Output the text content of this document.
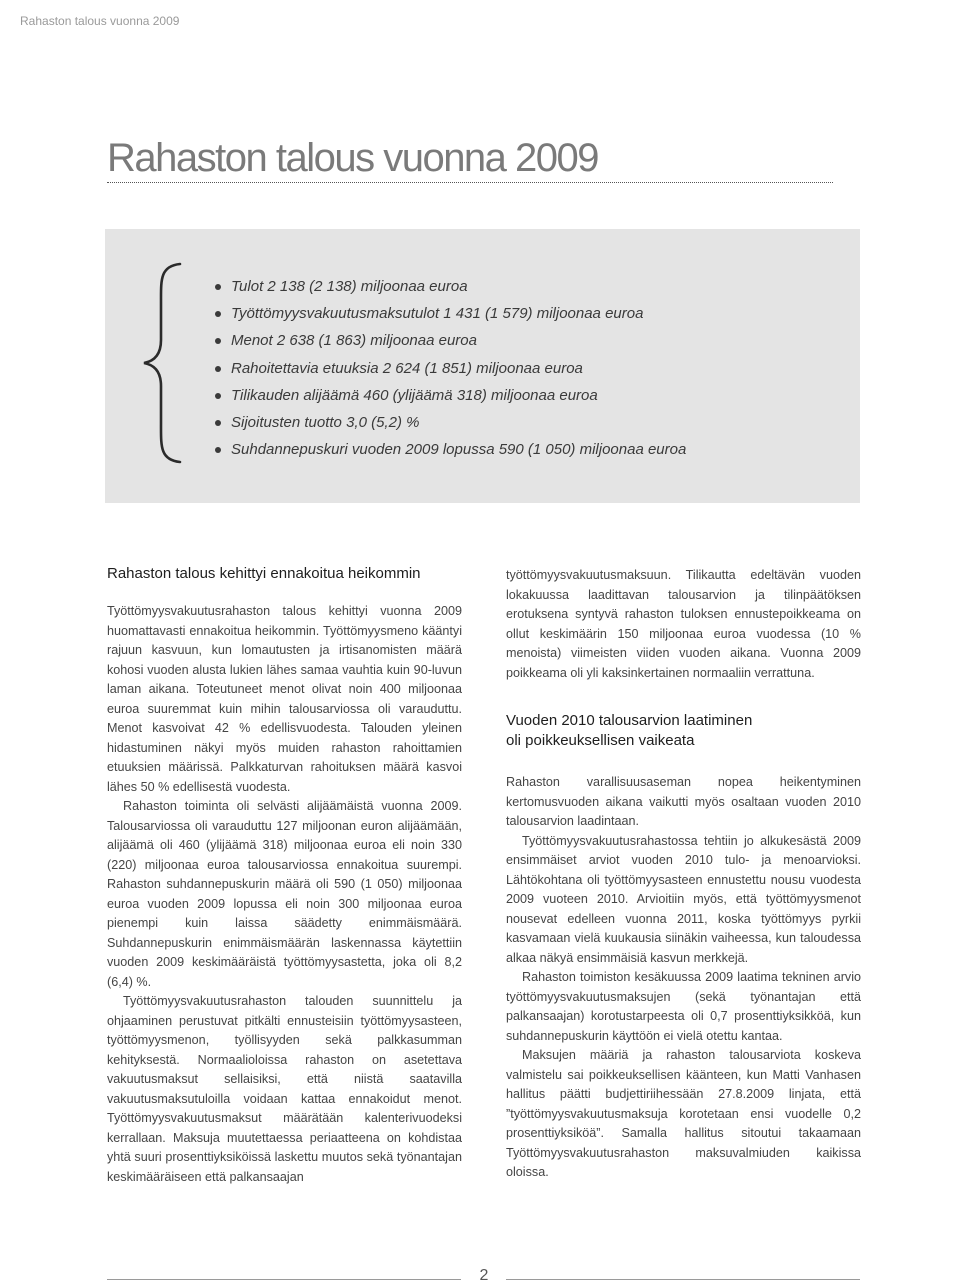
Rahaston talous vuonna 2009
Rahaston talous vuonna 2009
Tulot 2 138 (2 138) miljoonaa euroa
Työttömyysvakuutusmaksutulot 1 431 (1 579) miljoonaa euroa
Menot 2 638 (1 863) miljoonaa euroa
Rahoitettavia etuuksia 2 624 (1 851) miljoonaa euroa
Tilikauden alijäämä 460 (ylijäämä 318) miljoonaa euroa
Sijoitusten tuotto 3,0 (5,2) %
Suhdannepuskuri vuoden 2009 lopussa 590 (1 050) miljoonaa euroa
Rahaston talous kehittyi ennakoitua heikommin

Työttömyysvakuutusrahaston talous kehittyi vuonna 2009 huomattavasti ennakoitua heikommin. Työttömyysmeno kääntyi rajuun kasvuun, kun lomautusten ja irtisanomisten määrä kohosi vuoden alusta lukien lähes samaa vauhtia kuin 90-luvun laman aikana. Toteutuneet menot olivat noin 400 miljoonaa euroa suuremmat kuin mihin talousarviossa oli varauduttu. Menot kasvoivat 42 % edellisvuodesta. Talouden yleinen hidastuminen näkyi myös muiden rahaston rahoittamien etuuksien määrissä. Palkkaturvan rahoituksen määrä kasvoi lähes 50 % edellisestä vuodesta.

Rahaston toiminta oli selvästi alijäämäistä vuonna 2009. Talousarviossa oli varauduttu 127 miljoonan euron alijäämään, alijäämä oli 460 (ylijäämä 318) miljoonaa euroa eli noin 330 (220) miljoonaa euroa talousarviossa ennakoitua suurempi. Rahaston suhdannepuskurin määrä oli 590 (1 050) miljoonaa euroa vuoden 2009 lopussa eli noin 300 miljoonaa euroa pienempi kuin laissa säädetty enimmäismäärä. Suhdannepuskurin enimmäismäärän laskennassa käytettiin vuoden 2009 keskimääräistä työttömyysastetta, joka oli 8,2 (6,4) %.

Työttömyysvakuutusrahaston talouden suunnittelu ja ohjaaminen perustuvat pitkälti ennusteisiin työttömyysasteen, työttömyysmenon, työllisyyden sekä palkkasumman kehityksestä. Normaalioloissa rahaston on asetettava vakuutusmaksut sellaisiksi, että niistä saatavilla vakuutusmaksutuloilla voidaan kattaa ennakoidut menot. Työttömyysvakuutusmaksut määrätään kalenterivuodeksi kerrallaan. Maksuja muutettaessa periaatteena on kohdistaa yhtä suuri prosenttiyksiköissä laskettu muutos sekä työnantajan keskimääräiseen että palkansaajan

työttömyysvakuutusmaksuun. Tilikautta edeltävän vuoden lokakuussa laadittavan talousarvion ja tilinpäätöksen erotuksena syntyvä rahaston tuloksen ennustepoikkeama on ollut keskimäärin 150 miljoonaa euroa vuodessa (10 % menoista) viimeisten viiden vuoden aikana. Vuonna 2009 poikkeama oli yli kaksinkertainen normaaliin verrattuna.

Vuoden 2010 talousarvion laatiminen
oli poikkeuksellisen vaikeata

Rahaston varallisuusaseman nopea heikentyminen kertomusvuoden aikana vaikutti myös osaltaan vuoden 2010 talousarvion laadintaan.

Työttömyysvakuutusrahastossa tehtiin jo alkukesästä 2009 ensimmäiset arviot vuoden 2010 tulo- ja menoarvioksi. Lähtökohtana oli työttömyysasteen ennustettu nousu vuodesta 2009 vuoteen 2010. Arvioitiin myös, että työttömyysmenot nousevat edelleen vuonna 2011, koska työttömyys pyrkii kasvamaan vielä kuukausia siinäkin vaiheessa, kun taloudessa alkaa näkyä ensimmäisiä kasvun merkkejä.

Rahaston toimiston kesäkuussa 2009 laatima tekninen arvio työttömyysvakuutusmaksujen (sekä työnantajan että palkansaajan) korotustarpeesta oli 0,7 prosenttiyksikköä, kun suhdannepuskurin käyttöön ei vielä otettu kantaa.

Maksujen määriä ja rahaston talousarviota koskeva valmistelu sai poikkeuksellisen käänteen, kun Matti Vanhasen hallitus päätti budjettiriihessään 27.8.2009 linjata, että ”työttömyysvakuutusmaksuja korotetaan ensi vuodelle 0,2 prosenttiyksiköä”. Samalla hallitus sitoutui takaamaan Työttömyysvakuutusrahaston maksuvalmiuden kaikissa oloissa.

2
